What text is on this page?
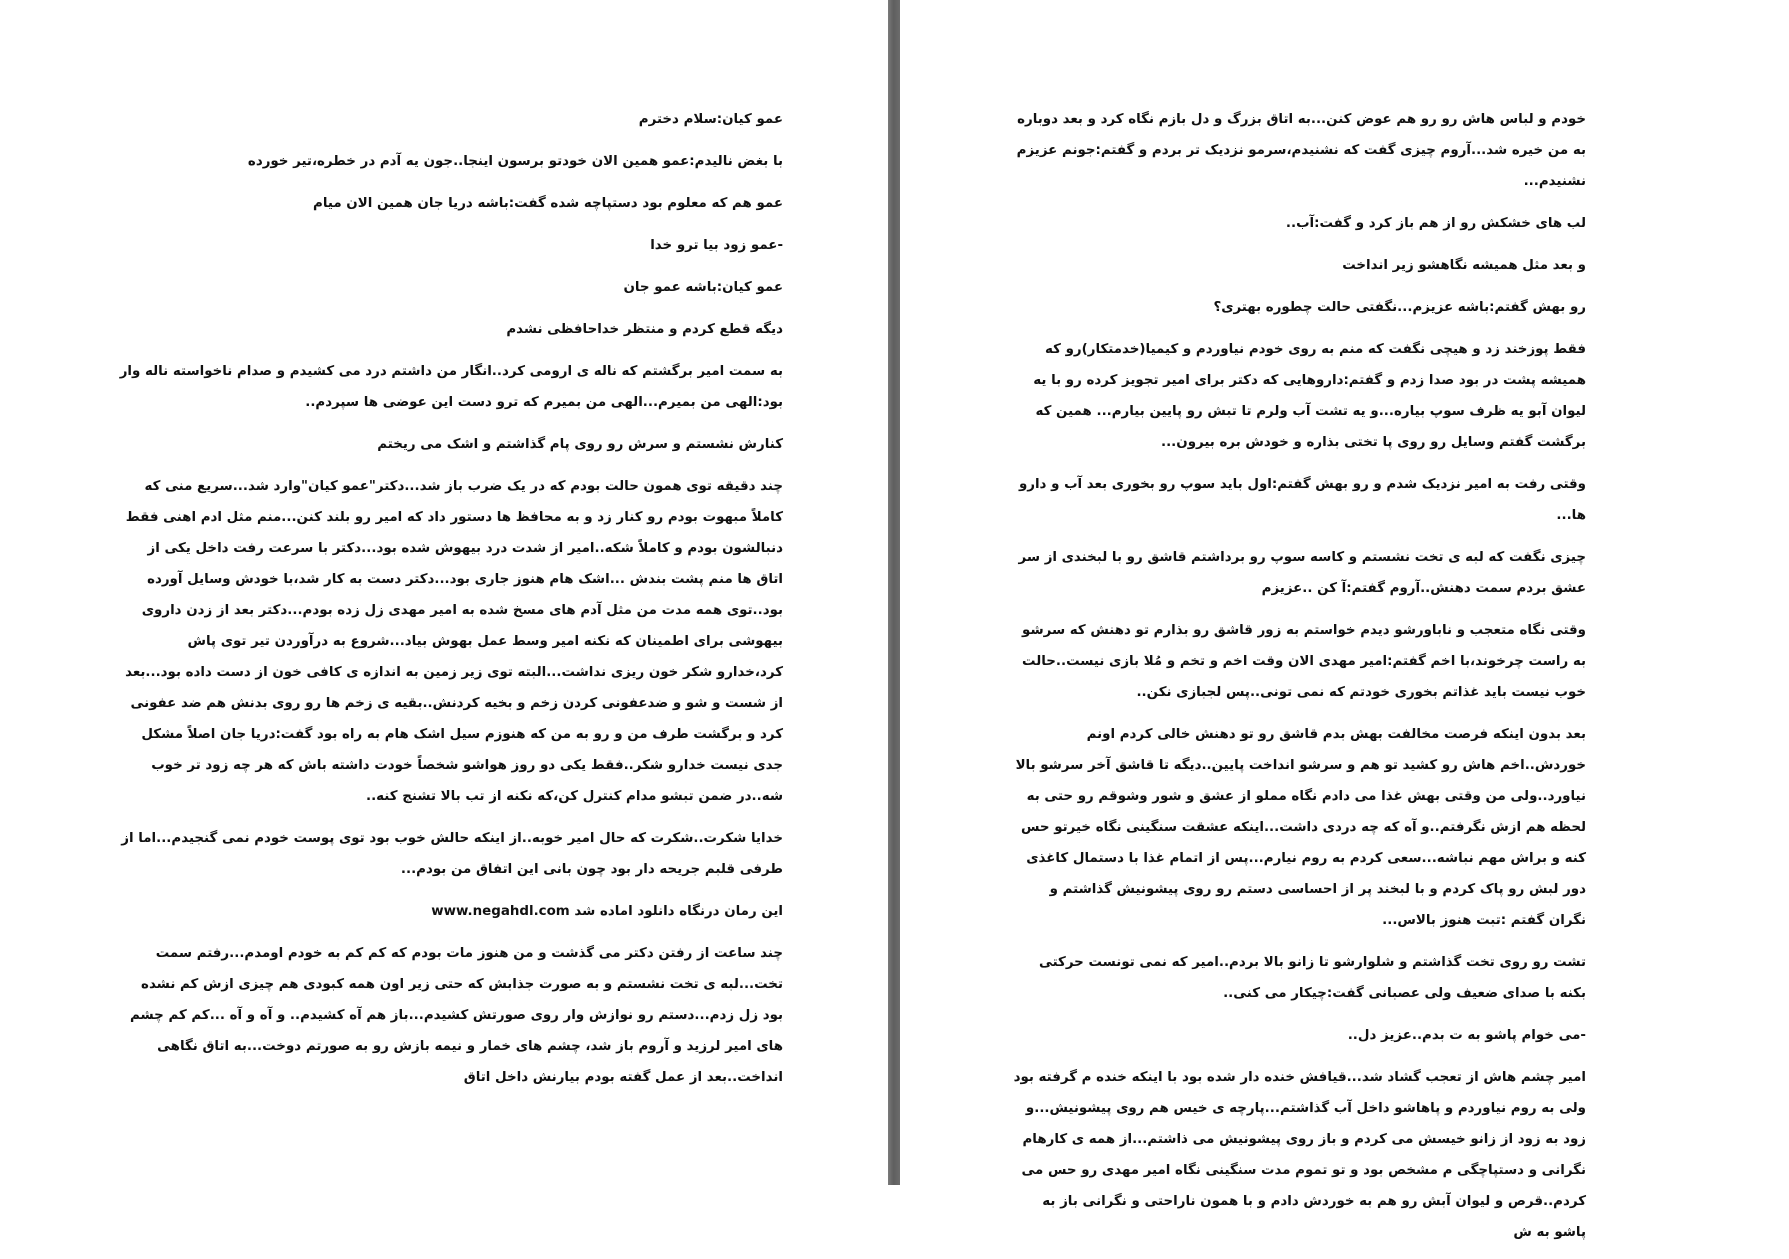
عمو کیان:سلام دخترم

با بغض نالیدم:عمو همین الان خودتو برسون اینجا..جون یه آدم در خطره،تیر خورده

عمو هم که معلوم بود دستپاچه شده گفت:باشه دریا جان همین الان میام

-عمو زود بیا ترو خدا

عمو کیان:باشه عمو جان

دیگه قطع کردم و منتظر خداحافظی نشدم

به سمت امیر برگشتم که ناله ی ارومی کرد..انگار من داشتم درد می کشیدم و صدام ناخواسته ناله وار بود:الهی من بمیرم...الهی من بمیرم که ترو دست این عوضی ها سپردم..

کنارش نشستم و سرش رو روی پام گذاشتم و اشک می ریختم

چند دقیقه توی همون حالت بودم که در یک ضرب باز شد...دکتر"عمو کیان"وارد شد...سریع منی که کاملاً مبهوت بودم رو کنار زد و به محافظ ها دستور داد که امیر رو بلند کنن...منم مثل ادم اهنی فقط دنبالشون بودم و کاملاً شکه..امیر از شدت درد بیهوش شده بود...دکتر با سرعت رفت داخل یکی از اتاق ها منم پشت بندش ...اشک هام هنوز جاری بود...دکتر دست به کار شد،با خودش وسایل آورده بود..توی همه مدت من مثل آدم های مسخ شده به امیر مهدی زل زده بودم...دکتر بعد از زدن داروی بیهوشی برای اطمینان که نکنه امیر وسط عمل بهوش بیاد...شروع به درآوردن تیر توی پاش کرد،خدارو شکر خون ریزی نداشت...البته توی زیر زمین به اندازه ی کافی خون از دست داده بود...بعد از شست و شو و ضدعفونی کردن زخم و بخیه کردنش..بقیه ی زخم ها رو روی بدنش هم ضد عفونی کرد و برگشت طرف من و رو به من که هنوزم سیل اشک هام به راه بود گفت:دریا جان اصلاً مشکل جدی نیست خدارو شکر..فقط یکی دو روز هواشو شخصاً خودت داشته باش که هر چه زود تر خوب شه..در ضمن تبشو مدام کنترل کن،که نکنه از تب بالا تشنج کنه..

خدایا شکرت..شکرت که حال امیر خوبه..از اینکه حالش خوب بود توی پوست خودم نمی گنجیدم...اما از طرفی قلبم جریحه دار بود چون بانی این اتفاق من بودم...

این رمان درنگاه دانلود اماده شد www.negahdl.com

چند ساعت از رفتن دکتر می گذشت و من هنوز مات بودم که کم کم به خودم اومدم...رفتم سمت تخت...لبه ی تخت نشستم و به صورت جذابش که حتی زیر اون همه کبودی هم چیزی ازش کم نشده بود زل زدم...دستم رو نوازش وار روی صورتش کشیدم...باز هم آه کشیدم.. و آه و آه ...کم کم چشم های امیر لرزید و آروم باز شد، چشم های خمار و نیمه بازش رو به صورتم دوخت...به اتاق نگاهی انداخت..بعد از عمل گفته بودم بیارنش داخل اتاق

خودم و لباس هاش رو رو هم عوض کنن...به اتاق بزرگ و دل بازم نگاه کرد و بعد دوباره به من خیره شد...آروم چیزی گفت که نشنیدم،سرمو نزدیک تر بردم و گفتم:جونم عزیزم نشنیدم...

لب های خشکش رو از هم باز کرد و گفت:آب..

و بعد مثل همیشه نگاهشو زیر انداخت

رو بهش گفتم:باشه عزیزم...نگفتی حالت چطوره بهتری؟

فقط پوزخند زد و هیچی نگفت که منم به روی خودم نیاوردم و کیمیا(خدمتکار)رو که همیشه پشت در بود صدا زدم و گفتم:داروهایی که دکتر برای امیر تجویز کرده رو با یه لیوان آبو یه ظرف سوپ بیاره...و یه تشت آب ولرم تا تبش رو پایین بیارم... همین که برگشت گفتم وسایل رو روی پا تختی بذاره و خودش بره بیرون...

وقتی رفت به امیر نزدیک شدم و رو بهش گفتم:اول باید سوپ رو بخوری بعد آب و دارو ها...

چیزی نگفت که لبه ی تخت نشستم و کاسه سوپ رو برداشتم قاشق رو با لبخندی از سر عشق بردم سمت دهنش..آروم گفتم:آ کن ..عزیزم

وقتی نگاه متعجب و ناباورشو دیدم خواستم به زور قاشق رو بذارم تو دهنش که سرشو به راست چرخوند،با اخم گفتم:امیر مهدی الان وقت اخم و تخم و مُلا بازی نیست..حالت خوب نیست باید غذاتم بخوری خودتم که نمی تونی..پس لجبازی نکن..

بعد بدون اینکه فرصت مخالفت بهش بدم قاشق رو تو دهنش خالی کردم اونم خوردش..اخم هاش رو کشید تو هم و سرشو انداخت پایین..دیگه تا قاشق آخر سرشو بالا نیاورد..ولی من وقتی بهش غذا می دادم نگاه مملو از عشق و شور وشوقم رو حتی به لحظه هم ازش نگرفتم..و آه که چه دردی داشت...اینکه عشقت سنگینی نگاه خیرتو حس کنه و براش مهم نباشه...سعی کردم به روم نیارم...پس از اتمام غذا با دستمال کاغذی دور لبش رو پاک کردم و با لبخند پر از احساسی دستم رو روی پیشونیش گذاشتم و نگران گفتم :تبت هنوز بالاس...

تشت رو روی تخت گذاشتم و شلوارشو تا زانو بالا بردم..امیر که نمی تونست حرکتی بکنه با صدای ضعیف ولی عصبانی گفت:چیکار می کنی..

-می خوام پاشو به ت بدم..عزیز دل..

امیر چشم هاش از تعجب گشاد شد...قیافش خنده دار شده بود با اینکه خنده م گرفته بود ولی به روم نیاوردم و پاهاشو داخل آب گذاشتم...پارچه ی خیس هم روی پیشونیش...و زود به زود از زانو خیسش می کردم و باز روی پیشونیش می ذاشتم...از همه ی کارهام نگرانی و دستپاچگی م مشخص بود و تو تموم مدت سنگینی نگاه امیر مهدی رو حس می کردم..قرص و لیوان آبش رو هم به خوردش دادم و با همون ناراحتی و نگرانی باز به پاشو به ش
